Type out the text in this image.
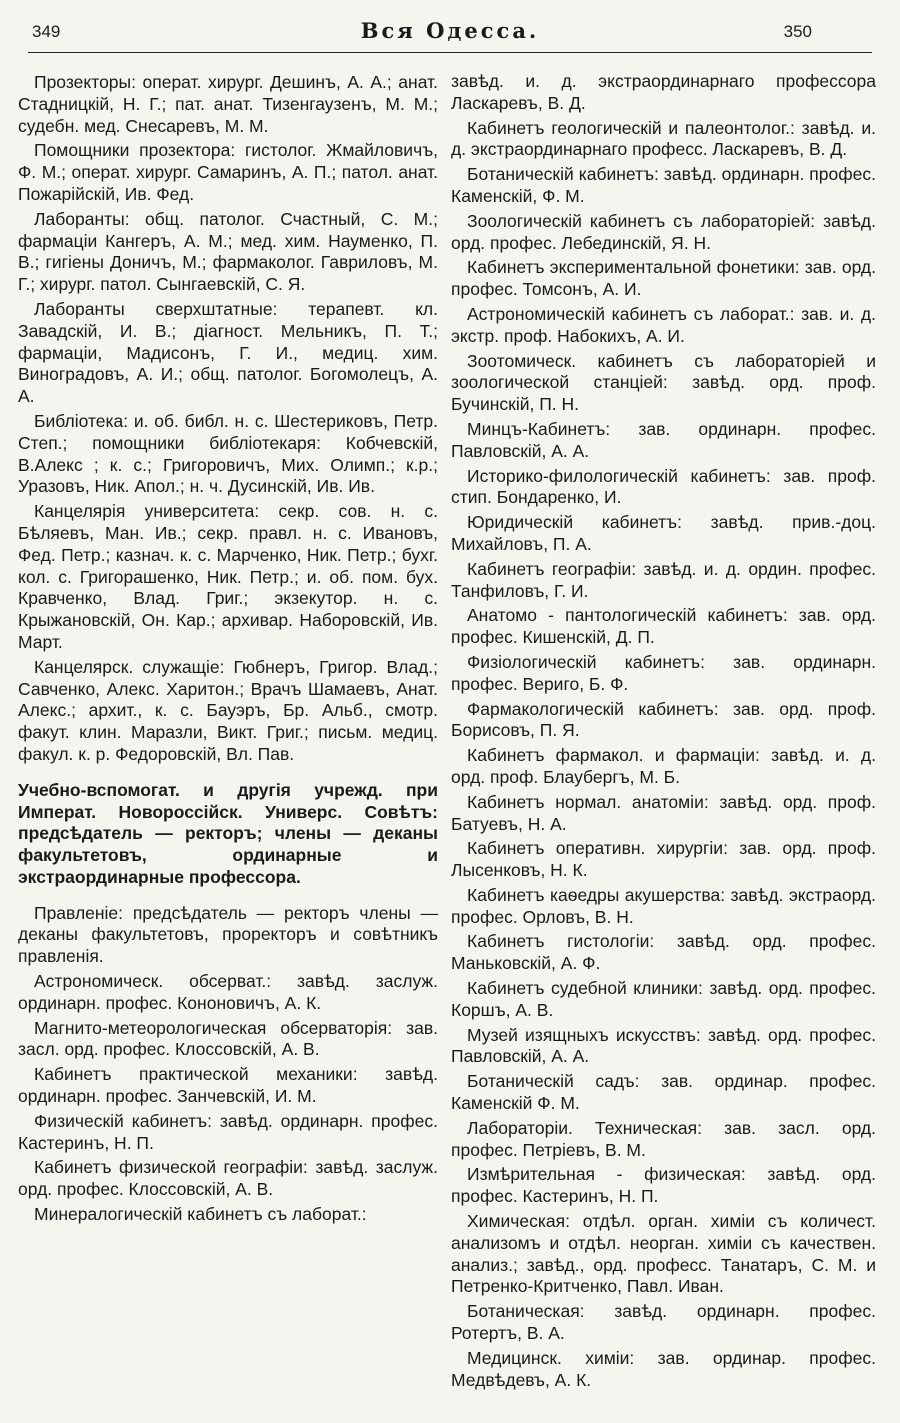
349	Вся Одесса.	350

Прозекторы: операт. хирург. Дешинъ, А. А.; анат. Стадницкій, Н. Г.; пат. анат. Тизенгаузенъ, М. М.; судебн. мед. Снесаревъ, М. М.

Помощники прозектора: гистолог. Жмайловичъ, Ф. М.; операт. хирург. Самаринъ, А. П.; патол. анат. Пожарійскій, Ив. Фед.

Лаборанты: общ. патолог. Счастный, С. М.; фармаціи Кангеръ, А. М.; мед. хим. Науменко, П. В.; гигіены Доничъ, М.; фармаколог. Гавриловъ, М. Г.; хирург. патол. Сынгаевскій, С. Я.

Лаборанты сверхштатные: терапевт. кл. Завадскій, И. В.; діагност. Мельникъ, П. Т.; фармаціи, Мадисонъ, Г. И., медиц. хим. Виноградовъ, А. И.; общ. патолог. Богомолецъ, А. А.

Библіотека: и. об. библ. н. с. Шестериковъ, Петр. Степ.; помощники библіотекаря: Кобчевскій, В.Алекс ; к. с.; Григоровичъ, Мих. Олимп.; к.р.; Уразовъ, Ник. Апол.; н. ч. Дусинскій, Ив. Ив.

Канцелярія университета: секр. сов. н. с. Бѣляевъ, Ман. Ив.; секр. правл. н. с. Ивановъ, Фед. Петр.; казнач. к. с. Марченко, Ник. Петр.; бухг. кол. с. Григорашенко, Ник. Петр.; и. об. пом. бух. Кравченко, Влад. Григ.; экзекутор. н. с. Крыжановскій, Он. Кар.; архивар. Наборовскій, Ив. Март.

Канцелярск. служащіе: Гюбнеръ, Григор. Влад.; Савченко, Алекс. Харитон.; Врачъ Шамаевъ, Анат. Алекс.; архит., к. с. Бауэръ, Бр. Альб., смотр. факут. клин. Маразли, Викт. Григ.; письм. медиц. факул. к. р. Федоровскій, Вл. Пав.

Учебно-вспомогат. и другія учрежд. при Императ. Новороссійск. Универс. Совѣтъ: предсѣдатель — ректоръ; члены — деканы факультетовъ, ординарные и экстраординарные профессора.

Правленіе: предсѣдатель — ректоръ члены — деканы факультетовъ, проректоръ и совѣтникъ правленія.

Астрономическ. обсерват.: завѣд. заслуж. ординарн. профес. Кононовичъ, А. К.

Магнито-метеорологическая обсерваторія: зав. засл. орд. профес. Клоссовскій, А. В.

Кабинетъ практической механики: завѣд. ординарн. профес. Занчевскій, И. М.

Физическій кабинетъ: завѣд. ординарн. профес. Кастеринъ, Н. П.

Кабинетъ физической географіи: завѣд. заслуж. орд. профес. Клоссовскій, А. В.

Минералогическій кабинетъ съ лаборат.:

завѣд. и. д. экстраординарнаго профессора Ласкаревъ, В. Д.

Кабинетъ геологическій и палеонтолог.: завѣд. и. д. экстраординарнаго професс. Ласкаревъ, В. Д.

Ботаническій кабинетъ: завѣд. ординарн. профес. Каменскій, Ф. М.

Зоологическій кабинетъ съ лабораторіей: завѣд. орд. профес. Лебединскій, Я. Н.

Кабинетъ экспериментальной фонетики: зав. орд. профес. Томсонъ, А. И.

Астрономическій кабинетъ съ лаборат.: зав. и. д. экстр. проф. Набокихъ, А. И.

Зоотомическ. кабинетъ съ лабораторіей и зоологической станціей: завѣд. орд. проф. Бучинскій, П. Н.

Минцъ-Кабинетъ: зав. ординарн. профес. Павловскій, А. А.

Историко-филологическій кабинетъ: зав. проф. стип. Бондаренко, И.

Юридическій кабинетъ: завѣд. прив.-доц. Михайловъ, П. А.

Кабинетъ географіи: завѣд. и. д. ордин. профес. Танфиловъ, Г. И.

Анатомо - пантологическій кабинетъ: зав. орд. профес. Кишенскій, Д. П.

Физіологическій кабинетъ: зав. ординарн. профес. Вериго, Б. Ф.

Фармакологическій кабинетъ: зав. орд. проф. Борисовъ, П. Я.

Кабинетъ фармакол. и фармаціи: завѣд. и. д. орд. проф. Блаубергъ, М. Б.

Кабинетъ нормал. анатоміи: завѣд. орд. проф. Батуевъ, Н. А.

Кабинетъ оперативн. хирургіи: зав. орд. проф. Лысенковъ, Н. К.

Кабинетъ каѳедры акушерства: завѣд. экстраорд. профес. Орловъ, В. Н.

Кабинетъ гистологіи: завѣд. орд. профес. Маньковскій, А. Ф.

Кабинетъ судебной клиники: завѣд. орд. профес. Коршъ, А. В.

Музей изящныхъ искусствъ: завѣд. орд. профес. Павловскій, А. А.

Ботаническій садъ: зав. ординар. профес. Каменскій Ф. М.

Лабораторіи. Техническая: зав. засл. орд. профес. Петріевъ, В. М.

Измѣрительная - физическая: завѣд. орд. профес. Кастеринъ, Н. П.

Химическая: отдѣл. орган. химіи съ количест. анализомъ и отдѣл. неорган. химіи съ качествен. анализ.; завѣд., орд. професс. Танатаръ, С. М. и Петренко-Критченко, Павл. Иван.

Ботаническая: завѣд. ординарн. профес. Ротертъ, В. А.

Медицинск. химіи: зав. ординар. профес. Медвѣдевъ, А. К.
